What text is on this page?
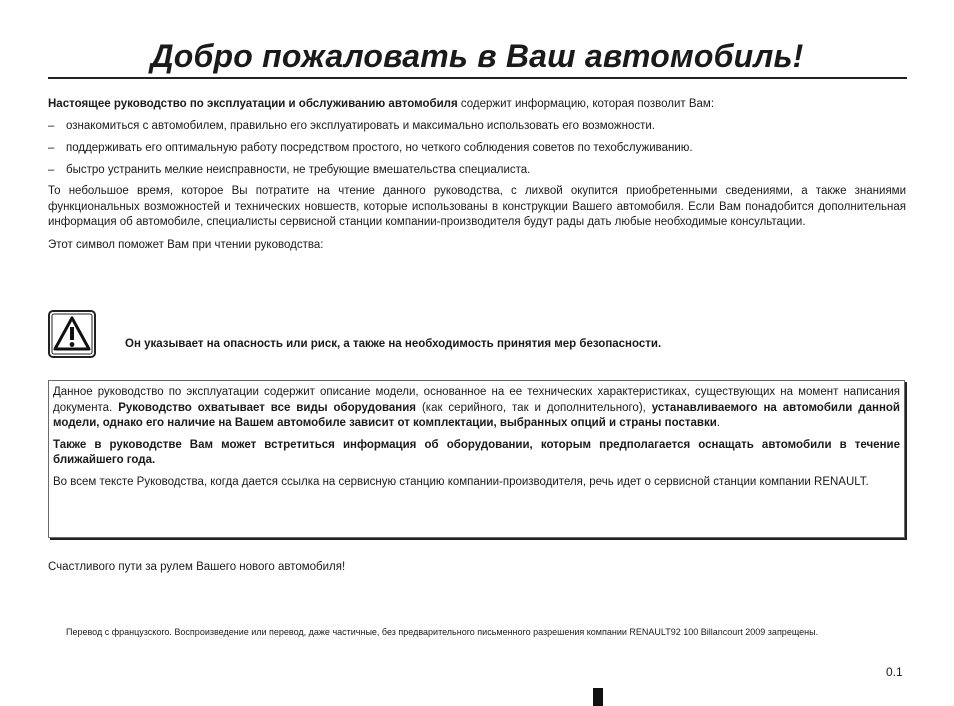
Добро пожаловать в Ваш автомобиль!

Настоящее руководство по эксплуатации и обслуживанию автомобиля содержит информацию, которая позволит Вам:

– ознакомиться с автомобилем, правильно его эксплуатировать и максимально использовать его возможности.

– поддерживать его оптимальную работу посредством простого, но четкого соблюдения советов по техобслуживанию.

– быстро устранить мелкие неисправности, не требующие вмешательства специалиста.

То небольшое время, которое Вы потратите на чтение данного руководства, с лихвой окупится приобретенными сведениями, а также знаниями функциональных возможностей и технических новшеств, которые использованы в конструкции Вашего автомобиля. Если Вам понадобится дополнительная информация об автомобиле, специалисты сервисной станции компании-производителя будут рады дать любые необходимые консультации.

Этот символ поможет Вам при чтении руководства:

Он указывает на опасность или риск, а также на необходимость принятия мер безопасности.

Данное руководство по эксплуатации содержит описание модели, основанное на ее технических характеристиках, существующих на момент написания документа. Руководство охватывает все виды оборудования (как серийного, так и дополнительного), устанавливаемого на автомобили данной модели, однако его наличие на Вашем автомобиле зависит от комплектации, выбранных опций и страны поставки.

Также в руководстве Вам может встретиться информация об оборудовании, которым предполагается оснащать автомобили в течение ближайшего года.

Во всем тексте Руководства, когда дается ссылка на сервисную станцию компании-производителя, речь идет о сервисной станции компании RENAULT.

Счастливого пути за рулем Вашего нового автомобиля!
Перевод с французского. Воспроизведение или перевод, даже частичные, без предварительного письменного разрешения компании RENAULT92 100 Billancourt 2009 запрещены.
0.1
